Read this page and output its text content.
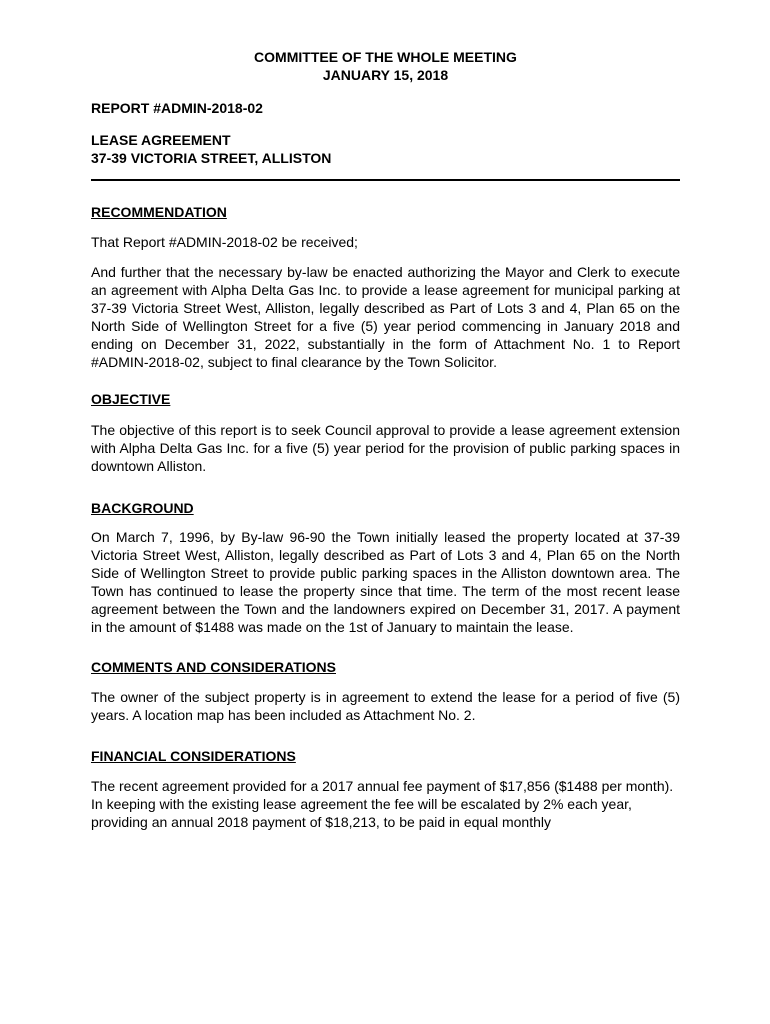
COMMITTEE OF THE WHOLE MEETING
JANUARY 15, 2018
REPORT #ADMIN-2018-02
LEASE AGREEMENT
37-39 VICTORIA STREET, ALLISTON
RECOMMENDATION

That Report #ADMIN-2018-02 be received;

And further that the necessary by-law be enacted authorizing the Mayor and Clerk to execute an agreement with Alpha Delta Gas Inc. to provide a lease agreement for municipal parking at 37-39 Victoria Street West, Alliston, legally described as Part of Lots 3 and 4, Plan 65 on the North Side of Wellington Street for a five (5) year period commencing in January 2018 and ending on December 31, 2022, substantially in the form of Attachment No. 1 to Report #ADMIN-2018-02, subject to final clearance by the Town Solicitor.

OBJECTIVE

The objective of this report is to seek Council approval to provide a lease agreement extension with Alpha Delta Gas Inc. for a five (5) year period for the provision of public parking spaces in downtown Alliston.

BACKGROUND

On March 7, 1996, by By-law 96-90 the Town initially leased the property located at 37-39 Victoria Street West, Alliston, legally described as Part of Lots 3 and 4, Plan 65 on the North Side of Wellington Street to provide public parking spaces in the Alliston downtown area. The Town has continued to lease the property since that time. The term of the most recent lease agreement between the Town and the landowners expired on December 31, 2017. A payment in the amount of $1488 was made on the 1st of January to maintain the lease.

COMMENTS AND CONSIDERATIONS

The owner of the subject property is in agreement to extend the lease for a period of five (5) years. A location map has been included as Attachment No. 2.

FINANCIAL CONSIDERATIONS

The recent agreement provided for a 2017 annual fee payment of $17,856 ($1488 per month). In keeping with the existing lease agreement the fee will be escalated by 2% each year, providing an annual 2018 payment of $18,213, to be paid in equal monthly
